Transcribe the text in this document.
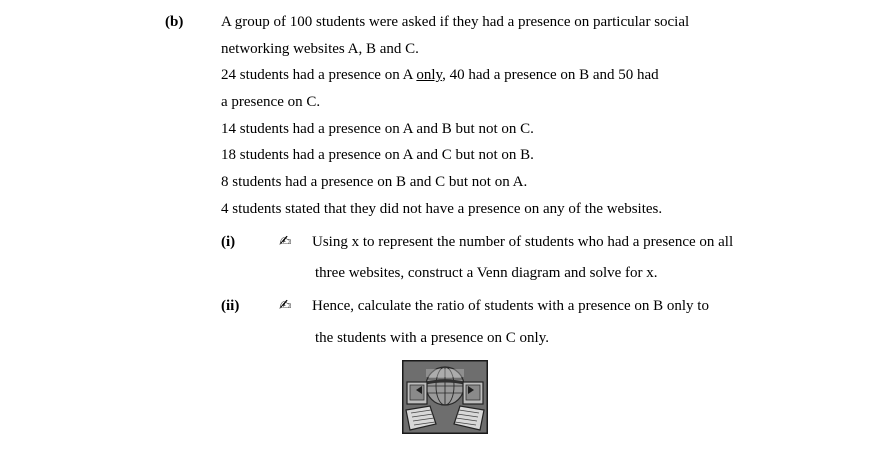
(b)	A group of 100 students were asked if they had a presence on particular social
networking websites A, B and C.
24 students had a presence on A only, 40 had a presence on B and 50 had
a presence on C.
14 students had a presence on A and B but not on C.
18 students had a presence on A and C but not on B.
8 students had a presence on B and C but not on A.
4 students stated that they did not have a presence on any of the websites.
(i)	✍ Using x to represent the number of students who had a presence on all
three websites, construct a Venn diagram and solve for x.
(ii)	✍ Hence, calculate the ratio of students with a presence on B only to
the students with a presence on C only.
